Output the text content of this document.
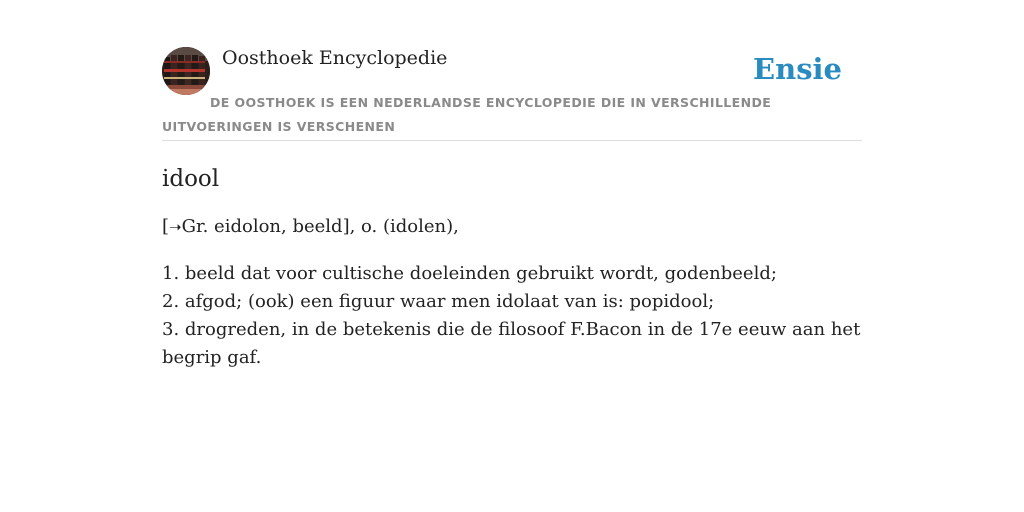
Oosthoek Encyclopedie	Ensie
DE OOSTHOEK IS EEN NEDERLANDSE ENCYCLOPEDIE DIE IN VERSCHILLENDE UITVOERINGEN IS VERSCHENEN
idool

[➝Gr. eidolon, beeld], o. (idolen),

1. beeld dat voor cultische doeleinden gebruikt wordt, godenbeeld;
2. afgod; (ook) een figuur waar men idolaat van is: popidool;
3. drogreden, in de betekenis die de filosoof F.Bacon in de 17e eeuw aan het begrip gaf.
